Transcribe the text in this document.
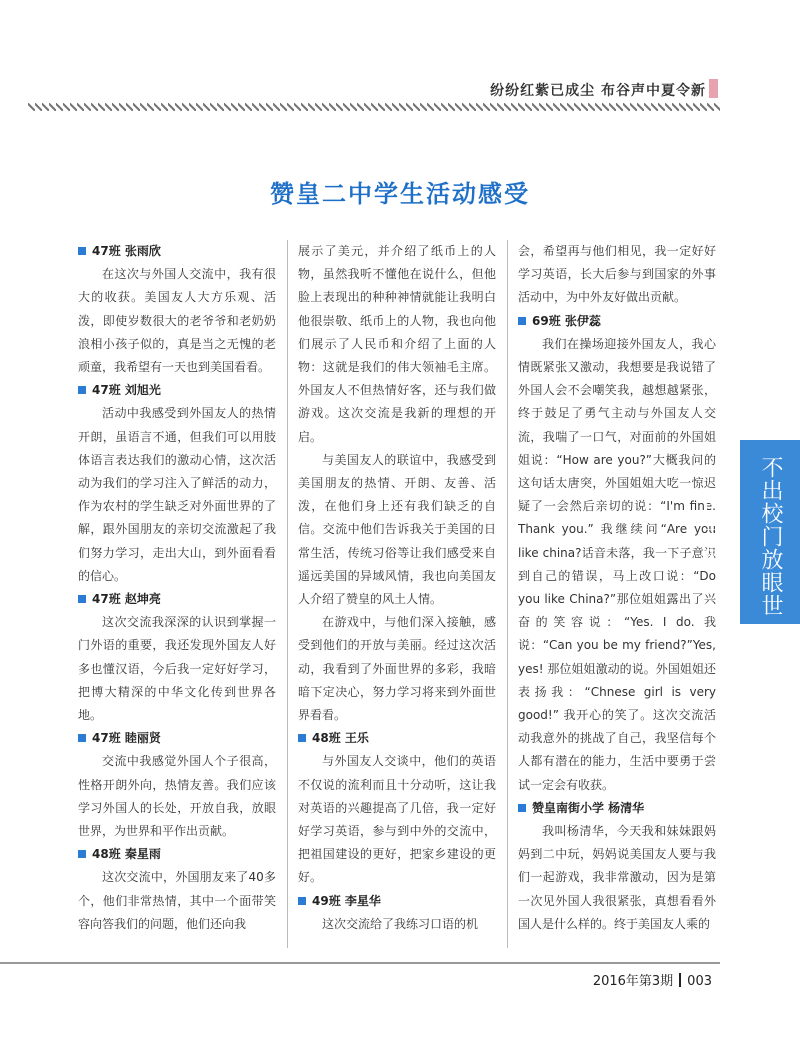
纷纷红紫已成尘 布谷声中夏令新
赞皇二中学生活动感受
47班 张雨欣

在这次与外国人交流中，我有很大的收获。美国友人大方乐观、活泼，即使岁数很大的老爷爷和老奶奶浪相小孩子似的，真是当之无愧的老顽童，我希望有一天也到美国看看。

47班 刘旭光

活动中我感受到外国友人的热情开朗，虽语言不通，但我们可以用肢体语言表达我们的激动心情，这次活动为我们的学习注入了鲜活的动力，作为农村的学生缺乏对外面世界的了解，跟外国朋友的亲切交流激起了我们努力学习，走出大山，到外面看看的信心。

47班 赵坤亮

这次交流我深深的认识到掌握一门外语的重要，我还发现外国友人好多也懂汉语，今后我一定好好学习，把博大精深的中华文化传到世界各地。

47班 睦丽贤

交流中我感觉外国人个子很高，性格开朗外向，热情友善。我们应该学习外国人的长处，开放自我，放眼世界，为世界和平作出贡献。

48班 秦星雨

这次交流中，外国朋友来了40多个，他们非常热情，其中一个面带笑容向答我们的问题，他们还向我

展示了美元，并介绍了纸币上的人物，虽然我听不懂他在说什么，但他脸上表现出的种种神情就能让我明白他很崇敬、纸币上的人物，我也向他们展示了人民币和介绍了上面的人物：这就是我们的伟大领袖毛主席。外国友人不但热情好客，还与我们做游戏。这次交流是我新的理想的开启。

与美国友人的联谊中，我感受到美国朋友的热情、开朗、友善、活泼，在他们身上还有我们缺乏的自信。交流中他们告诉我关于美国的日常生活，传统习俗等让我们感受来自遥远美国的异域风情，我也向美国友人介绍了赞皇的风土人情。

在游戏中，与他们深入接触，感受到他们的开放与美丽。经过这次活动，我看到了外面世界的多彩，我暗暗下定决心，努力学习将来到外面世界看看。

48班 王乐

与外国友人交谈中，他们的英语不仅说的流利而且十分动听，这让我对英语的兴趣提高了几倍，我一定好好学习英语，参与到中外的交流中，把祖国建设的更好，把家乡建设的更好。

49班 李星华

这次交流给了我练习口语的机

会，希望再与他们相见，我一定好好学习英语，长大后参与到国家的外事活动中，为中外友好做出贡献。

69班 张伊蕊

我们在操场迎接外国友人，我心情既紧张又激动，我想要是我说错了外国人会不会嘲笑我，越想越紧张，终于鼓足了勇气主动与外国友人交流，我喘了一口气，对面前的外国姐姐说：“How are you?”大概我问的这句话太唐突，外国姐姐大吃一惊迟疑了一会然后亲切的说：“I'm fine. Thank you.” 我继续问“Are you like china?话音未落，我一下子意识到自己的错误，马上改口说：“Do you like China?”那位姐姐露出了兴奋的笑容说：“Yes. I do. 我说：“Can you be my friend?”Yes, yes! 那位姐姐激动的说。外国姐姐还表扬我：“Chnese girl is very good!” 我开心的笑了。这次交流活动我意外的挑战了自己，我坚信每个人都有潜在的能力，生活中要勇于尝试一定会有收获。

赞皇南街小学 杨清华

我叫杨清华，今天我和妹妹跟妈妈到二中玩，妈妈说美国友人要与我们一起游戏，我非常激动，因为是第一次见外国人我很紧张，真想看看外国人是什么样的。终于美国友人乘的

2016年第3期 003
不出校门放眼世界工程
